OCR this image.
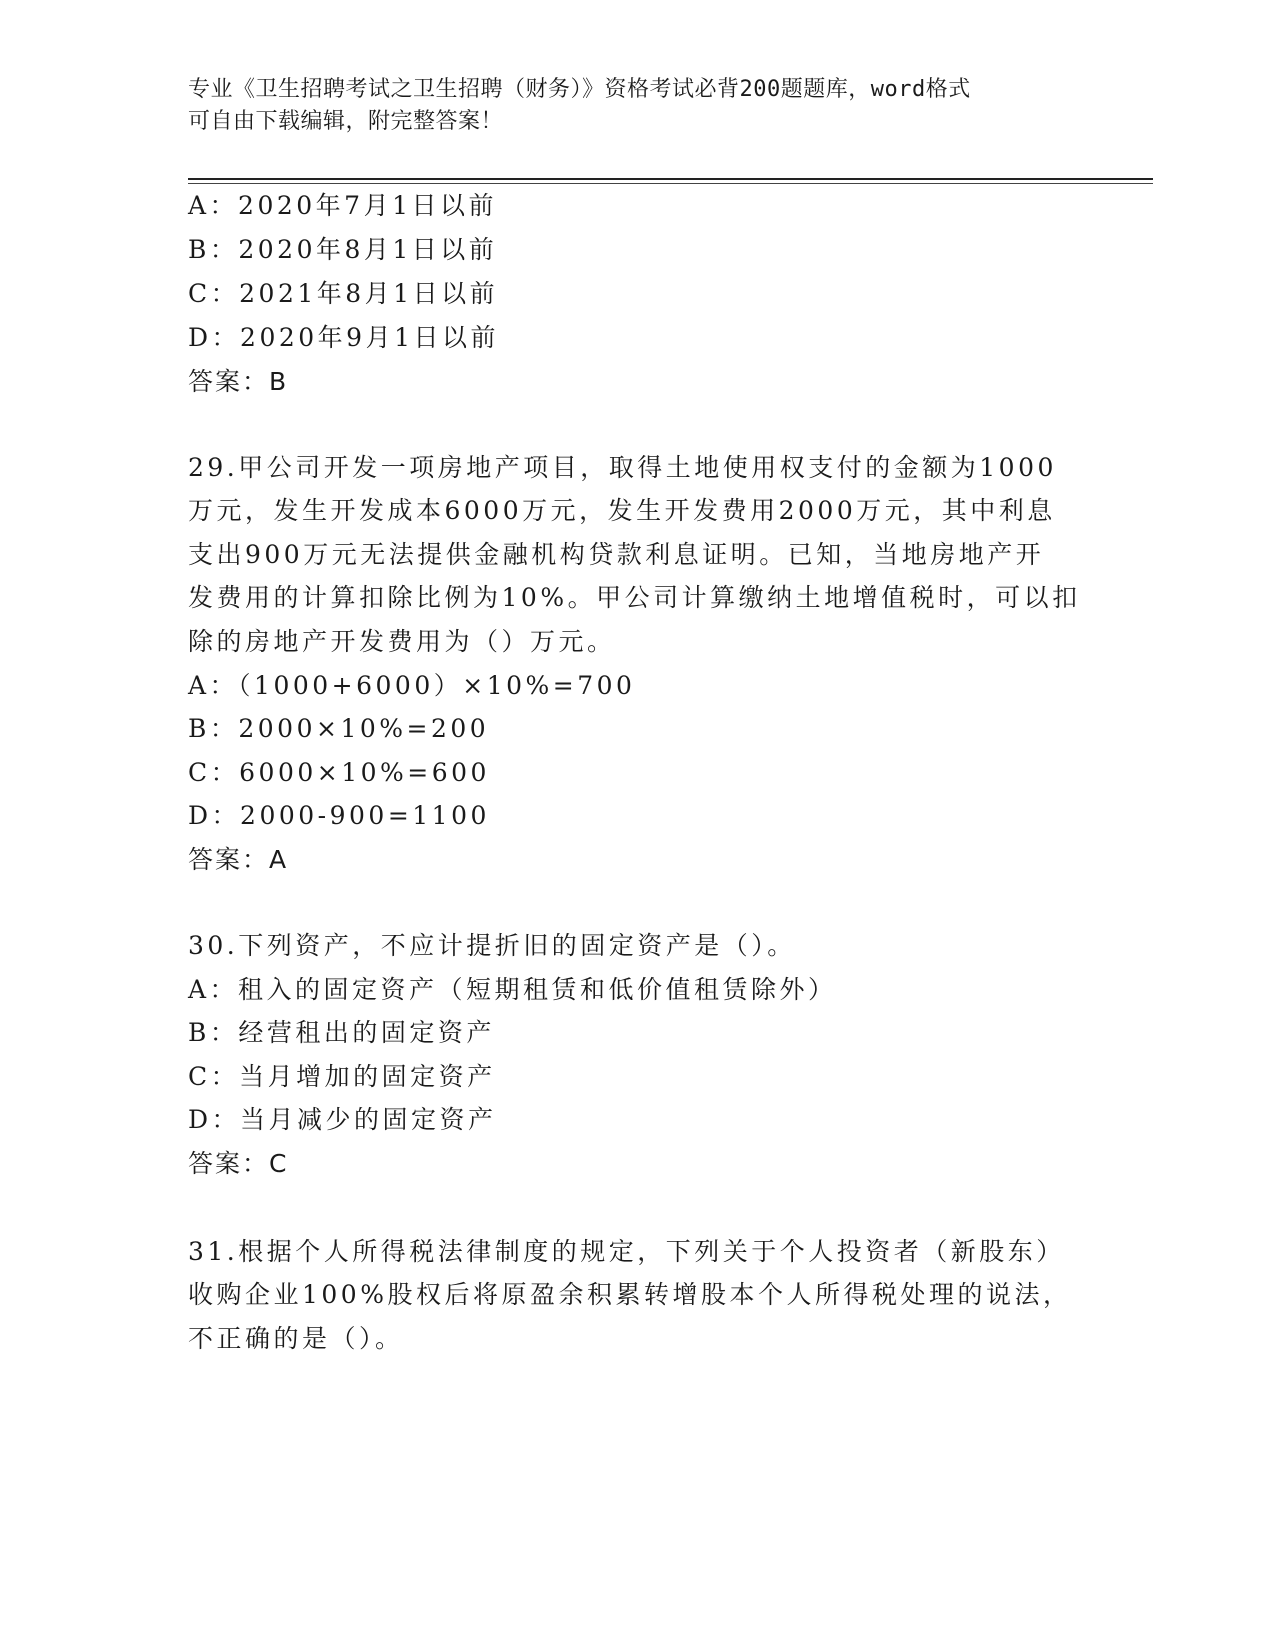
专业《卫生招聘考试之卫生招聘（财务）》资格考试必背200题题库，word格式
可自由下载编辑，附完整答案！
A：2020年7月1日以前
B：2020年8月1日以前
C：2021年8月1日以前
D：2020年9月1日以前
答案：B
29.甲公司开发一项房地产项目，取得土地使用权支付的金额为1000
万元，发生开发成本6000万元，发生开发费用2000万元，其中利息
支出900万元无法提供金融机构贷款利息证明。已知，当地房地产开
发费用的计算扣除比例为10%。甲公司计算缴纳土地增值税时，可以扣
除的房地产开发费用为（）万元。
A：（1000+6000）×10%=700
B：2000×10%=200
C：6000×10%=600
D：2000-900=1100
答案：A
30.下列资产，不应计提折旧的固定资产是（）。
A：租入的固定资产（短期租赁和低价值租赁除外）
B：经营租出的固定资产
C：当月增加的固定资产
D：当月减少的固定资产
答案：C
31.根据个人所得税法律制度的规定，下列关于个人投资者（新股东）
收购企业100%股权后将原盈余积累转增股本个人所得税处理的说法，
不正确的是（）。
